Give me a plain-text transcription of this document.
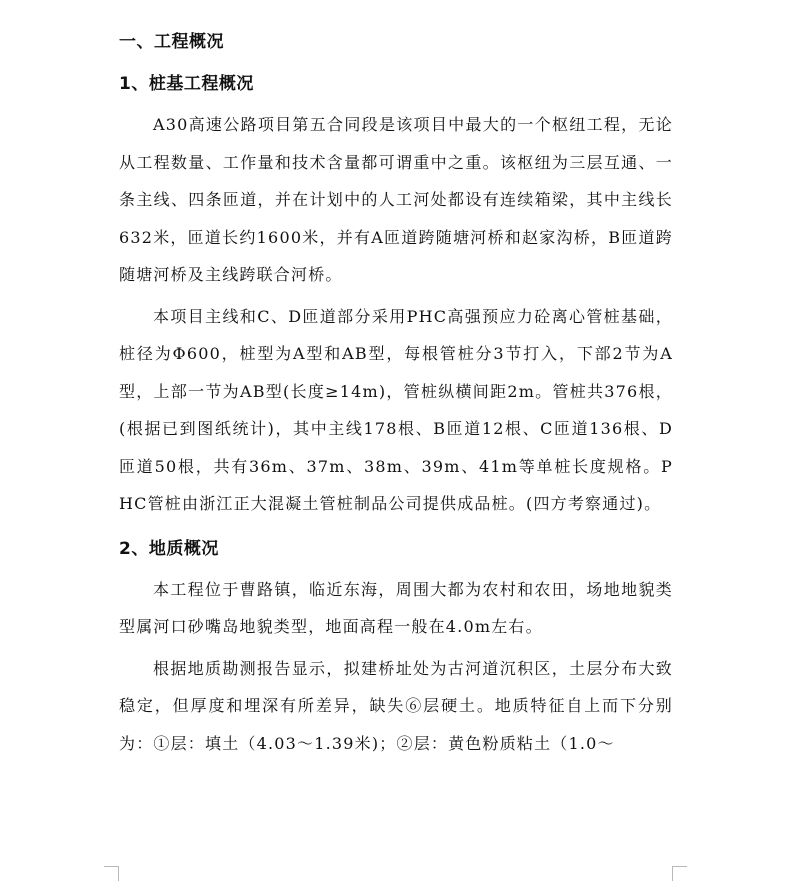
一、工程概况
1、桩基工程概况

A30高速公路项目第五合同段是该项目中最大的一个枢纽工程，无论从工程数量、工作量和技术含量都可谓重中之重。该枢纽为三层互通、一条主线、四条匝道，并在计划中的人工河处都设有连续箱梁，其中主线长632米，匝道长约1600米，并有A匝道跨随塘河桥和赵家沟桥，B匝道跨随塘河桥及主线跨联合河桥。

本项目主线和C、D匝道部分采用PHC高强预应力砼离心管桩基础，桩径为Φ600，桩型为A型和AB型，每根管桩分3节打入，下部2节为A型，上部一节为AB型(长度≥14m)，管桩纵横间距2m。管桩共376根，(根据已到图纸统计)，其中主线178根、B匝道12根、C匝道136根、D匝道50根，共有36m、37m、38m、39m、41m等单桩长度规格。PHC管桩由浙江正大混凝土管桩制品公司提供成品桩。(四方考察通过)。

2、地质概况

本工程位于曹路镇，临近东海，周围大都为农村和农田，场地地貌类型属河口砂嘴岛地貌类型，地面高程一般在4.0m左右。

根据地质勘测报告显示，拟建桥址处为古河道沉积区，土层分布大致稳定，但厚度和埋深有所差异，缺失⑥层硬土。地质特征自上而下分别为：①层：填土（4.03～1.39米)；②层：黄色粉质粘土（1.0～
